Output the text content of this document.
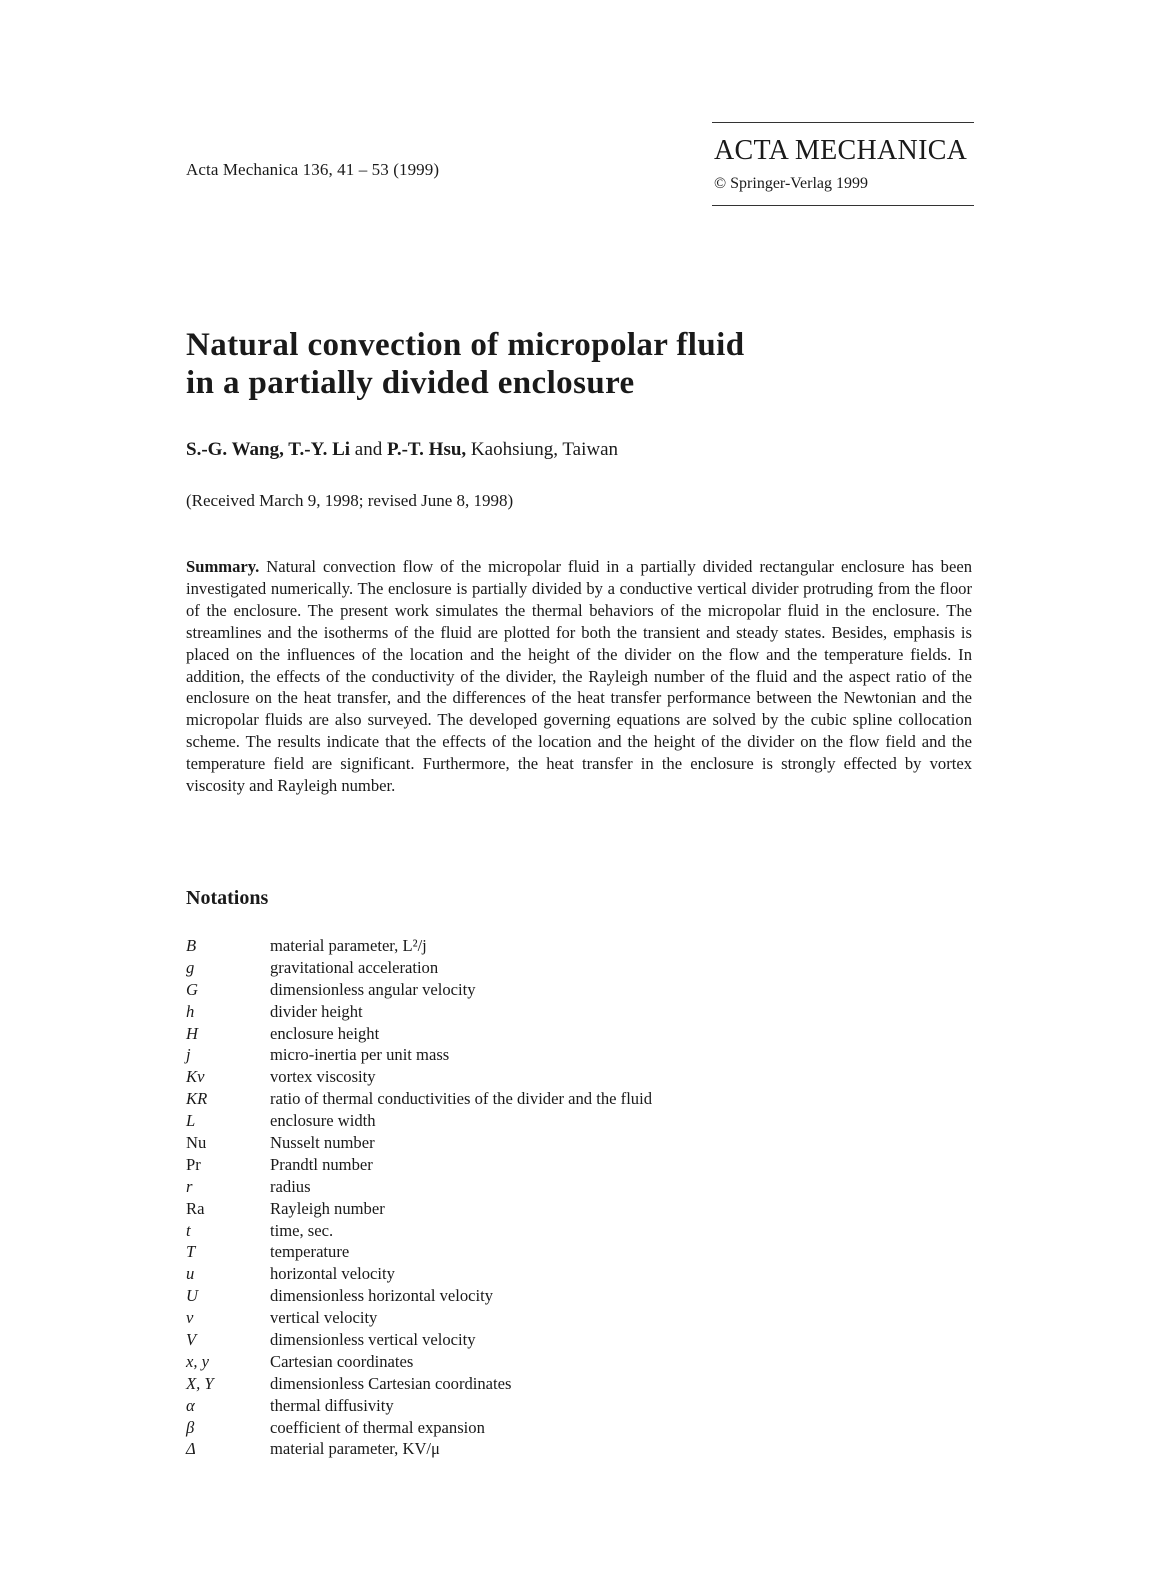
Acta Mechanica 136, 41 – 53 (1999)
ACTA MECHANICA
© Springer-Verlag 1999
Natural convection of micropolar fluid
in a partially divided enclosure
S.-G. Wang, T.-Y. Li and P.-T. Hsu, Kaohsiung, Taiwan
(Received March 9, 1998; revised June 8, 1998)

Summary. Natural convection flow of the micropolar fluid in a partially divided rectangular enclosure has been investigated numerically. The enclosure is partially divided by a conductive vertical divider protruding from the floor of the enclosure. The present work simulates the thermal behaviors of the micropolar fluid in the enclosure. The streamlines and the isotherms of the fluid are plotted for both the transient and steady states. Besides, emphasis is placed on the influences of the location and the height of the divider on the flow and the temperature fields. In addition, the effects of the conductivity of the divider, the Rayleigh number of the fluid and the aspect ratio of the enclosure on the heat transfer, and the differences of the heat transfer performance between the Newtonian and the micropolar fluids are also surveyed. The developed governing equations are solved by the cubic spline collocation scheme. The results indicate that the effects of the location and the height of the divider on the flow field and the temperature field are significant. Furthermore, the heat transfer in the enclosure is strongly effected by vortex viscosity and Rayleigh number.

Notations
B	material parameter, L²/j
g	gravitational acceleration
G	dimensionless angular velocity
h	divider height
H	enclosure height
j	micro-inertia per unit mass
Kv	vortex viscosity
KR	ratio of thermal conductivities of the divider and the fluid
L	enclosure width
Nu	Nusselt number
Pr	Prandtl number
r	radius
Ra	Rayleigh number
t	time, sec.
T	temperature
u	horizontal velocity
U	dimensionless horizontal velocity
v	vertical velocity
V	dimensionless vertical velocity
x, y	Cartesian coordinates
X, Y	dimensionless Cartesian coordinates
α	thermal diffusivity
β	coefficient of thermal expansion
Δ	material parameter, KV/μ
